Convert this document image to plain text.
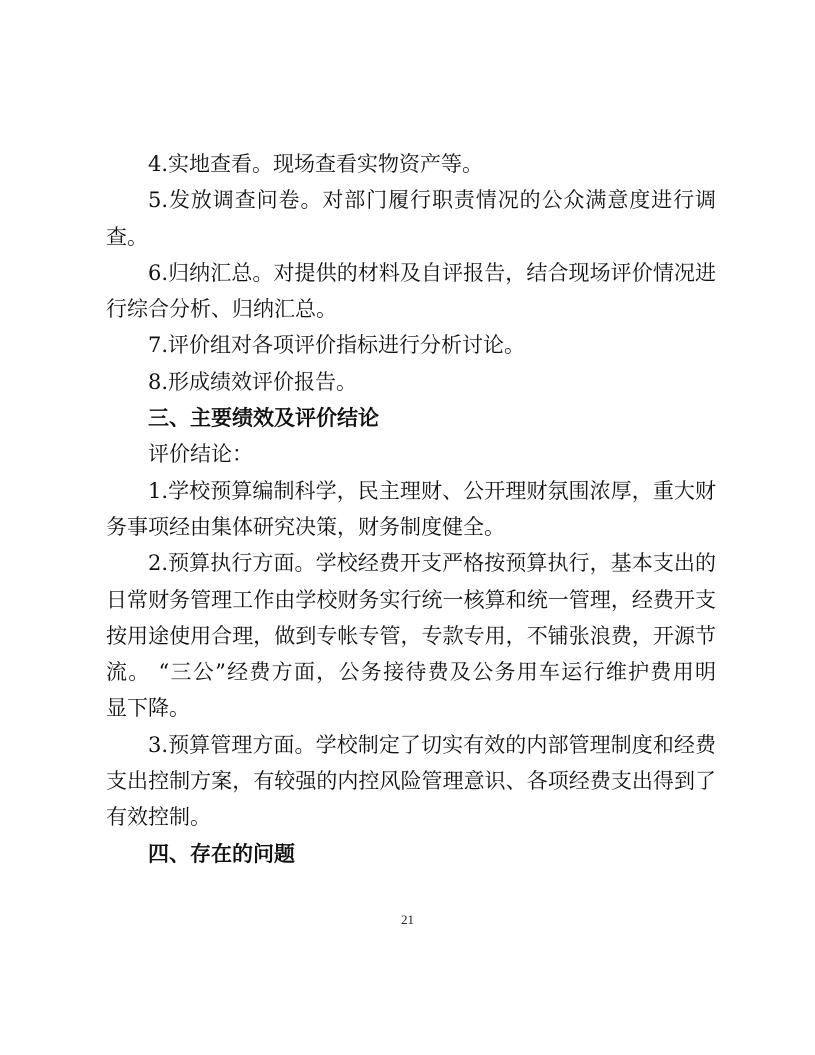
4.实地查看。现场查看实物资产等。

5.发放调查问卷。对部门履行职责情况的公众满意度进行调

查。

6.归纳汇总。对提供的材料及自评报告，结合现场评价情况进

行综合分析、归纳汇总。

7.评价组对各项评价指标进行分析讨论。

8.形成绩效评价报告。

三、主要绩效及评价结论

评价结论：

1.学校预算编制科学，民主理财、公开理财氛围浓厚，重大财

务事项经由集体研究决策，财务制度健全。

2.预算执行方面。学校经费开支严格按预算执行，基本支出的

日常财务管理工作由学校财务实行统一核算和统一管理，经费开支

按用途使用合理，做到专帐专管，专款专用，不铺张浪费，开源节

流。 “三公”经费方面，公务接待费及公务用车运行维护费用明

显下降。

3.预算管理方面。学校制定了切实有效的内部管理制度和经费

支出控制方案，有较强的内控风险管理意识、各项经费支出得到了

有效控制。

四、存在的问题

21
